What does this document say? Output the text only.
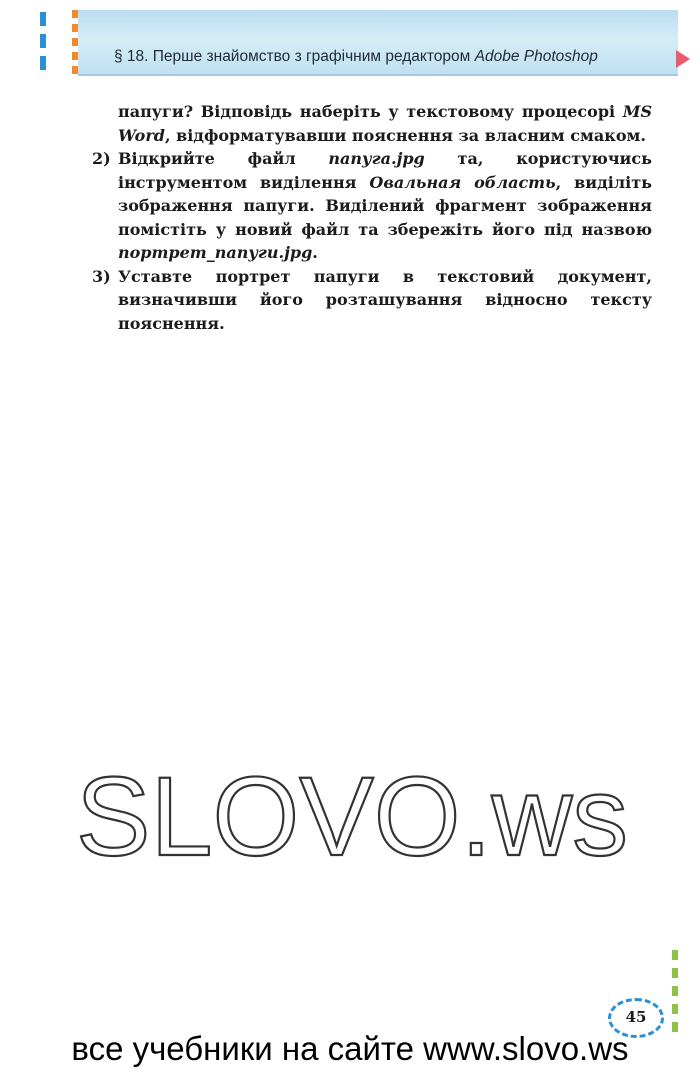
§ 18. Перше знайомство з графічним редактором Adobe Photoshop

папуги? Відповідь наберіть у текстовому процесорі MS Word, відформатувавши пояснення за власним смаком.

2) Відкрийте файл папуга.jpg та, користуючись інструментом виділення Овальная область, виділіть зображення папуги. Виділений фрагмент зображення помістіть у новий файл та збережіть його під назвою портрет_папуги.jpg.
3) Уставте портрет папуги в текстовий документ, визначивши його розташування відносно тексту пояснення.
SLOVO.ws
45
все учебники на сайте www.slovo.ws
